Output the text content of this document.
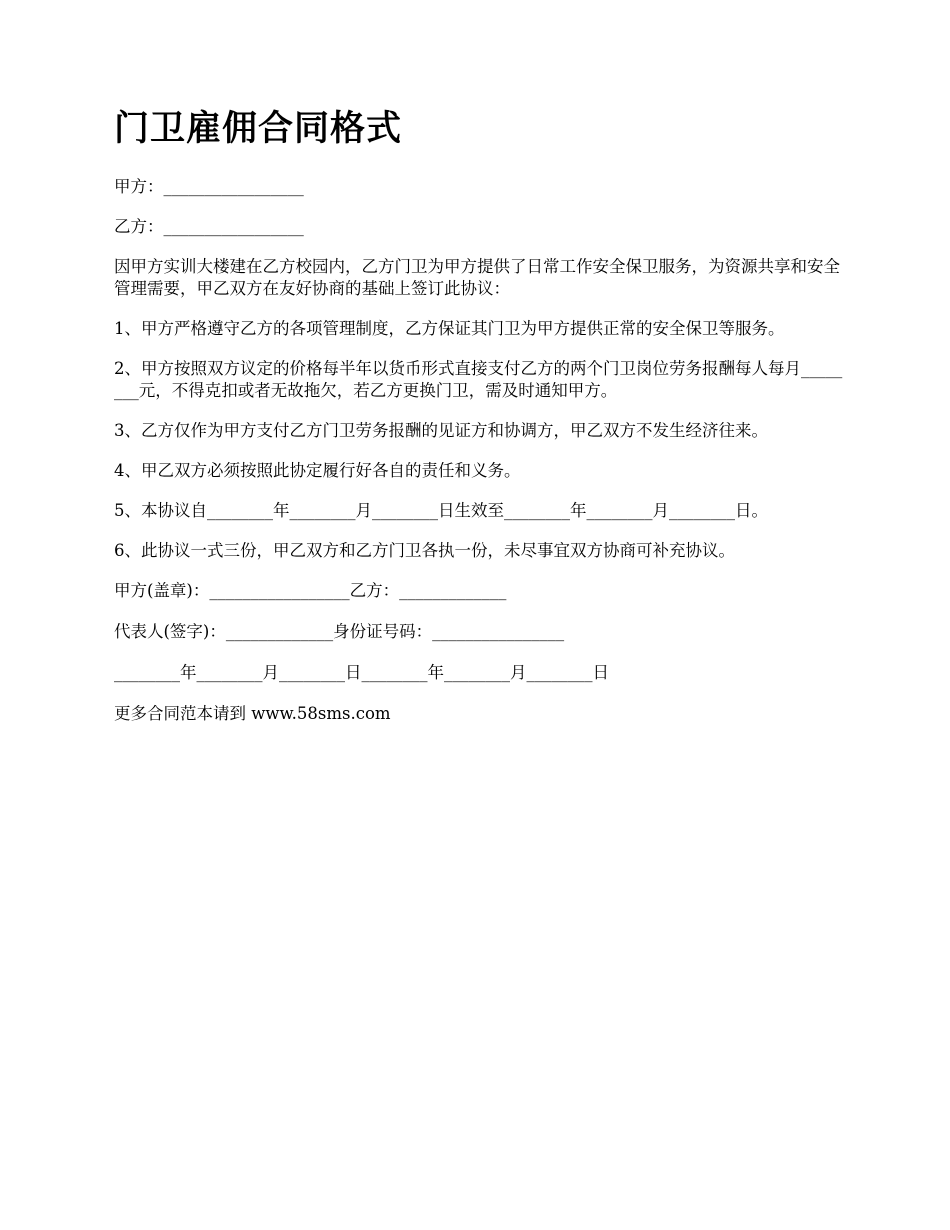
门卫雇佣合同格式

甲方：_________________

乙方：_________________

因甲方实训大楼建在乙方校园内，乙方门卫为甲方提供了日常工作安全保卫服务，为资源共享和安全管理需要，甲乙双方在友好协商的基础上签订此协议：

1、甲方严格遵守乙方的各项管理制度，乙方保证其门卫为甲方提供正常的安全保卫等服务。

2、甲方按照双方议定的价格每半年以货币形式直接支付乙方的两个门卫岗位劳务报酬每人每月________元，不得克扣或者无故拖欠，若乙方更换门卫，需及时通知甲方。

3、乙方仅作为甲方支付乙方门卫劳务报酬的见证方和协调方，甲乙双方不发生经济往来。

4、甲乙双方必须按照此协定履行好各自的责任和义务。

5、本协议自________年________月________日生效至________年________月________日。

6、此协议一式三份，甲乙双方和乙方门卫各执一份，未尽事宜双方协商可补充协议。

甲方(盖章)：_________________乙方：_____________

代表人(签字)：_____________身份证号码：________________

________年________月________日________年________月________日

更多合同范本请到 www.58sms.com
